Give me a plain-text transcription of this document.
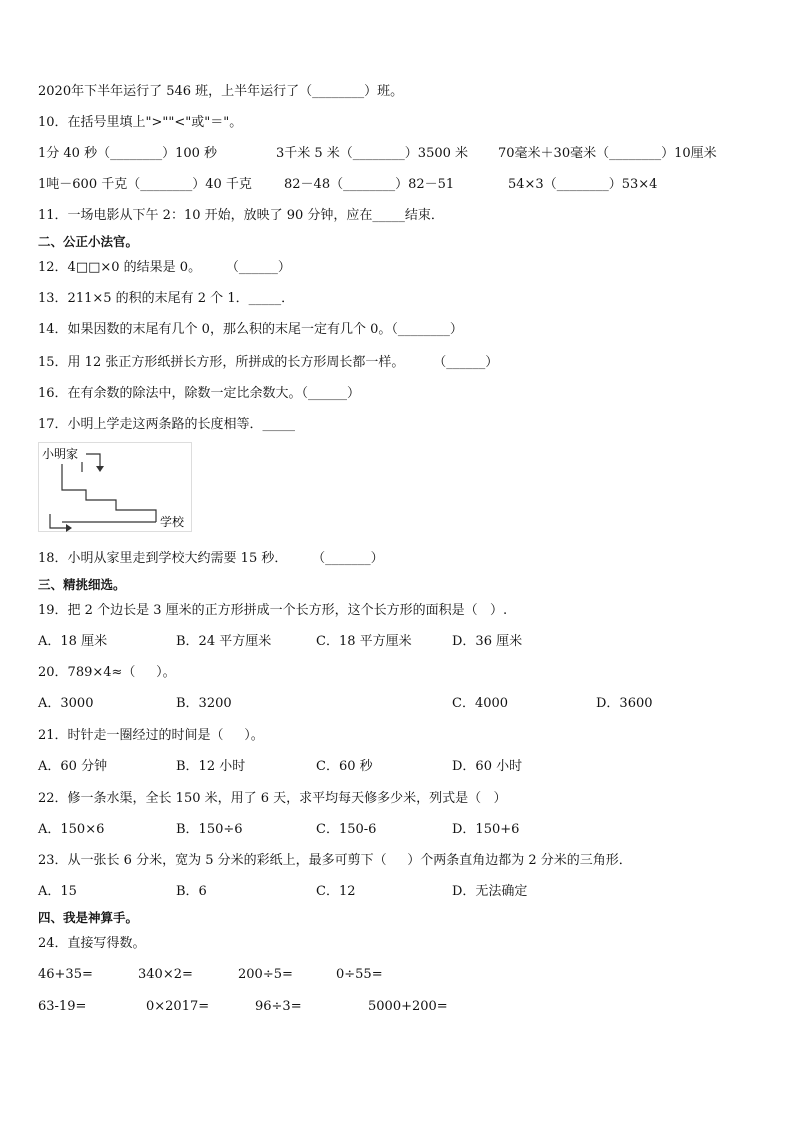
2020年下半年运行了 546 班，上半年运行了（________）班。
10．在括号里填上">""<"或"＝"。
1分 40 秒（________）100 秒	3千米 5 米（________）3500 米 70毫米＋30毫米（________）10厘米
1吨－600 千克（________）40 千克 82－48（________）82－51	54×3（________）53×4
11．一场电影从下午 2：10 开始，放映了 90 分钟，应在_____结束．
二、公正小法官。
12．4□□×0 的结果是 0。      （______）
13．211×5 的积的末尾有 2 个 1．_____．
14．如果因数的末尾有几个 0，那么积的末尾一定有几个 0。（________）
15．用 12 张正方形纸拼长方形，所拼成的长方形周长都一样。       （______）
16．在有余数的除法中，除数一定比余数大。（______）
17．小明上学走这两条路的长度相等．_____
小明家
学校
18．小明从家里走到学校大约需要 15 秒．      （_______）
三、精挑细选。
19．把 2 个边长是 3 厘米的正方形拼成一个长方形，这个长方形的面积是（   ）.
A．18 厘米	B．24 平方厘米	C．18 平方厘米	D．36 厘米
20．789×4≈（     ）。
A．3000	B．3200	C．4000	D．3600
21．时针走一圈经过的时间是（     ）。
A．60 分钟	B．12 小时	C．60 秒	D．60 小时
22．修一条水渠，全长 150 米，用了 6 天，求平均每天修多少米，列式是（   ）
A．150×6	B．150÷6	C．150-6	D．150+6
23．从一张长 6 分米，宽为 5 分米的彩纸上，最多可剪下（     ）个两条直角边都为 2 分米的三角形．
A．15	B．6	C．12	D．无法确定
四、我是神算手。
24．直接写得数。
46+35=	340×2=	200÷5=	0÷55=
63-19=	0×2017=	96÷3=	5000+200=
